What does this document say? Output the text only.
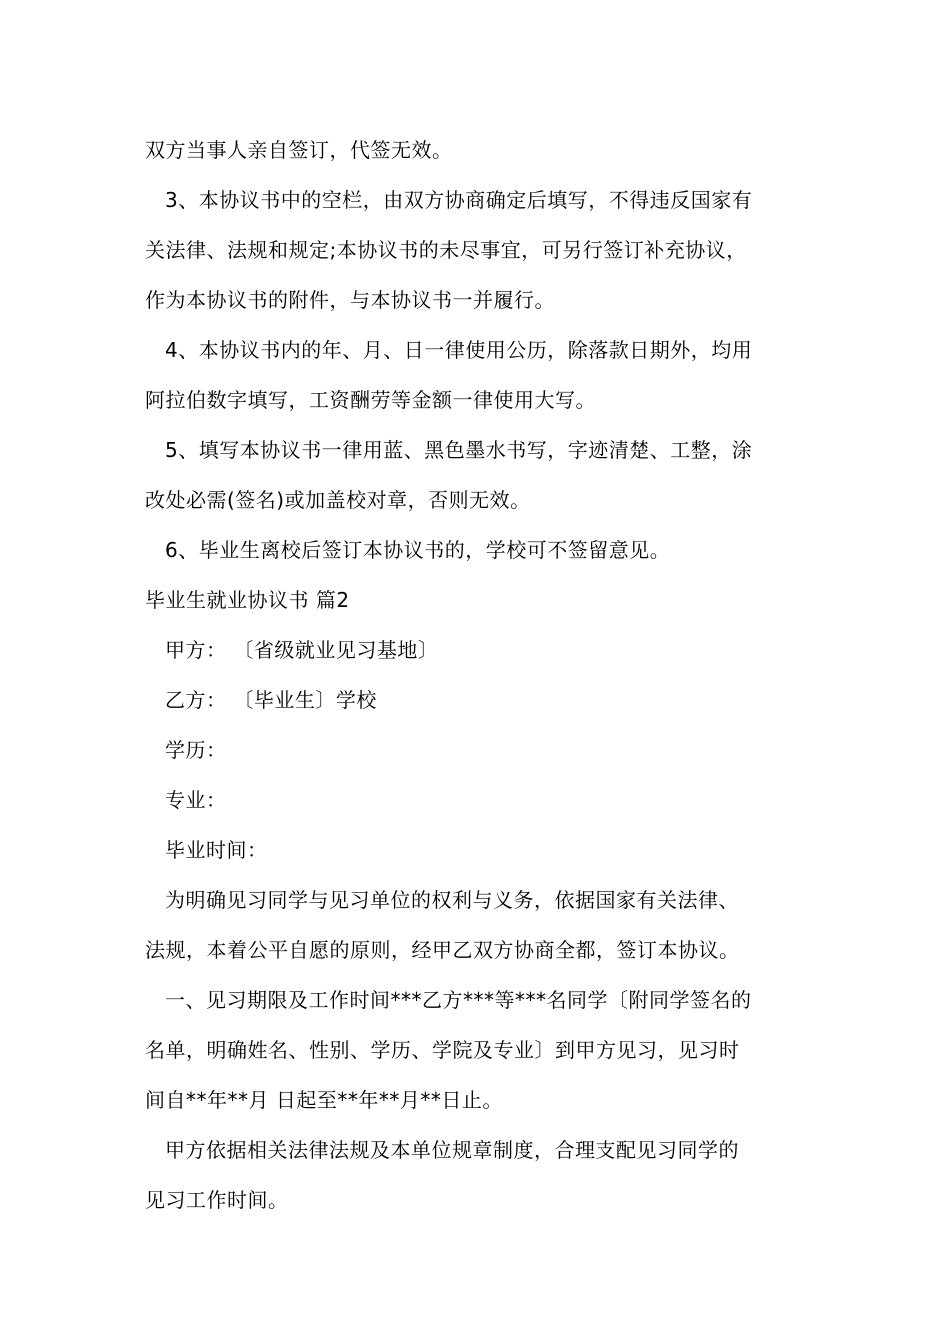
双方当事人亲自签订，代签无效。
3、本协议书中的空栏，由双方协商确定后填写，不得违反国家有
关法律、法规和规定;本协议书的未尽事宜，可另行签订补充协议，
作为本协议书的附件，与本协议书一并履行。
4、本协议书内的年、月、日一律使用公历，除落款日期外，均用
阿拉伯数字填写，工资酬劳等金额一律使用大写。
5、填写本协议书一律用蓝、黑色墨水书写，字迹清楚、工整，涂
改处必需(签名)或加盖校对章，否则无效。
6、毕业生离校后签订本协议书的，学校可不签留意见。
毕业生就业协议书 篇2
甲方： 〔省级就业见习基地〕
乙方： 〔毕业生〕学校
学历：
专业：
毕业时间：
为明确见习同学与见习单位的权利与义务，依据国家有关法律、
法规，本着公平自愿的原则，经甲乙双方协商全都，签订本协议。
一、见习期限及工作时间***乙方***等***名同学〔附同学签名的
名单，明确姓名、性别、学历、学院及专业〕到甲方见习，见习时
间自**年**月 日起至**年**月**日止。
甲方依据相关法律法规及本单位规章制度，合理支配见习同学的
见习工作时间。
